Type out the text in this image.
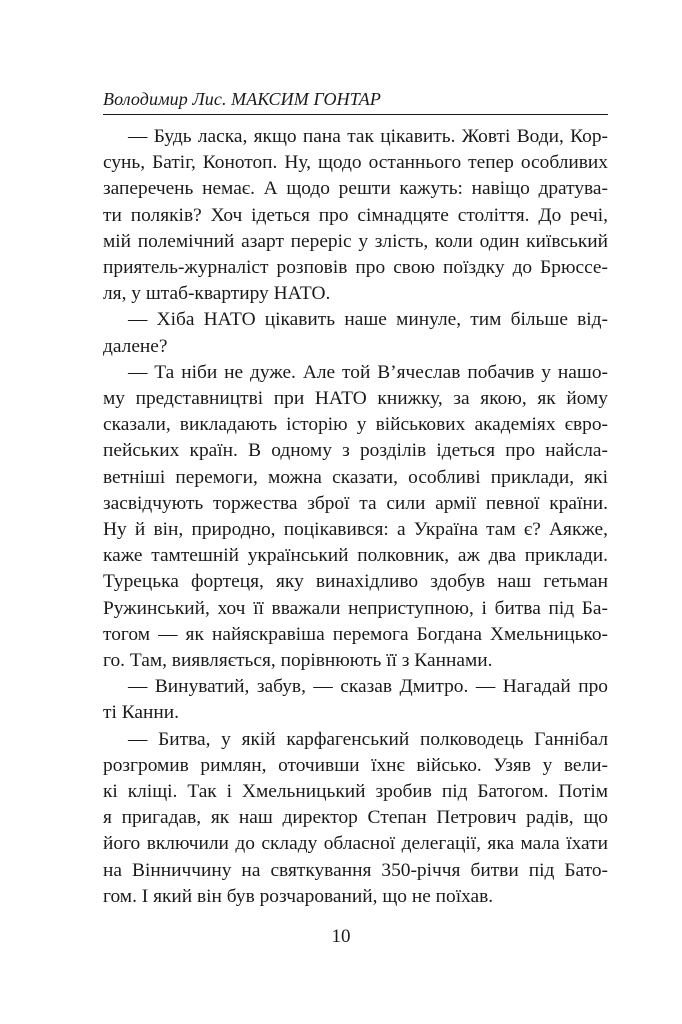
Володимир Лис. МАКСИМ ГОНТАР
— Будь ласка, якщо пана так цікавить. Жовті Води, Кор-
сунь, Батіг, Конотоп. Ну, щодо останнього тепер особливих
заперечень немає. А щодо решти кажуть: навіщо дратува-
ти поляків? Хоч ідеться про сімнадцяте століття. До речі,
мій полемічний азарт переріс у злість, коли один київський
приятель-журналіст розповів про свою поїздку до Брюссе-
ля, у штаб-квартиру НАТО.
— Хіба НАТО цікавить наше минуле, тим більше від-
далене?
— Та ніби не дуже. Але той В’ячеслав побачив у нашо-
му представництві при НАТО книжку, за якою, як йому
сказали, викладають історію у військових академіях євро-
пейських країн. В одному з розділів ідеться про найсла-
ветніші перемоги, можна сказати, особливі приклади, які
засвідчують торжества зброї та сили армії певної країни.
Ну й він, природно, поцікавився: а Україна там є? Аякже,
каже тамтешній український полковник, аж два приклади.
Турецька фортеця, яку винахідливо здобув наш гетьман
Ружинський, хоч її вважали неприступною, і битва під Ба-
тогом — як найяскравіша перемога Богдана Хмельницько-
го. Там, виявляється, порівнюють її з Каннами.
— Винуватий, забув, — сказав Дмитро. — Нагадай про
ті Канни.
— Битва, у якій карфагенський полководець Ганнібал
розгромив римлян, оточивши їхнє військо. Узяв у вели-
кі кліщі. Так і Хмельницький зробив під Батогом. Потім
я пригадав, як наш директор Степан Петрович радів, що
його включили до складу обласної делегації, яка мала їхати
на Вінниччину на святкування 350-річчя битви під Бато-
гом. І який він був розчарований, що не поїхав.
10
